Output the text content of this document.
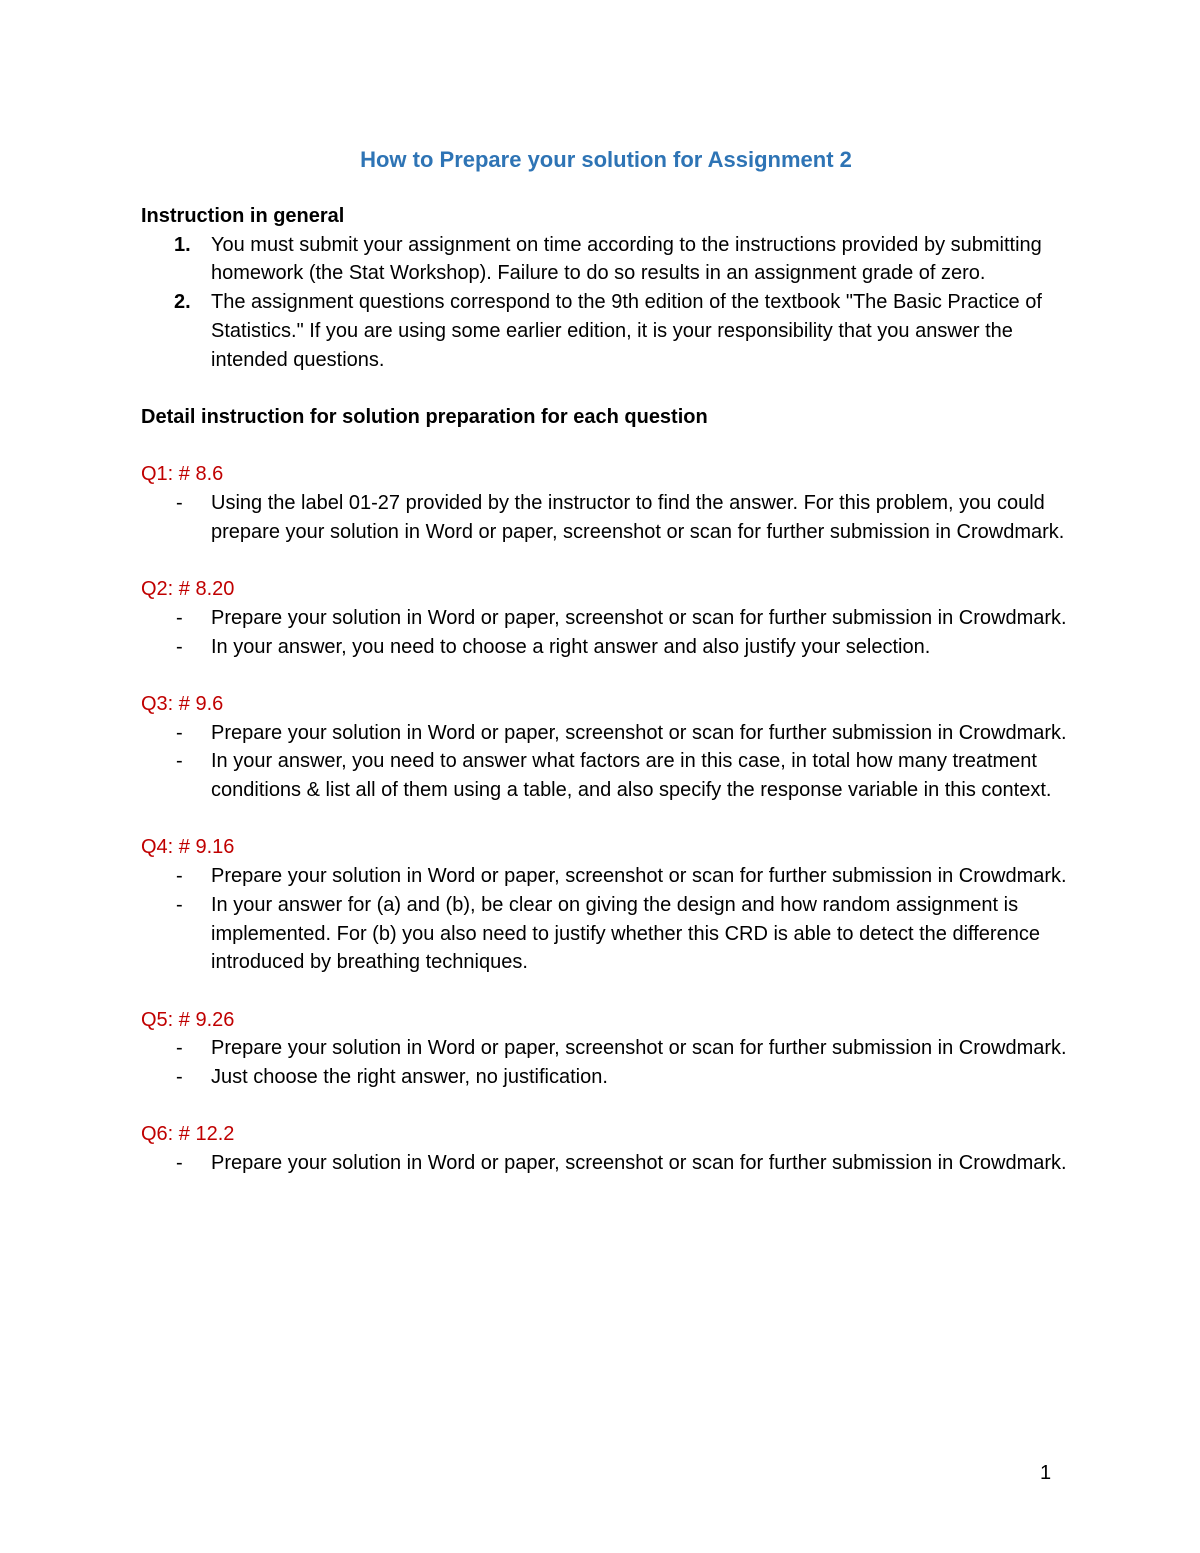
How to Prepare your solution for Assignment 2

Instruction in general

1. You must submit your assignment on time according to the instructions provided by submitting homework (the Stat Workshop). Failure to do so results in an assignment grade of zero.
2. The assignment questions correspond to the 9th edition of the textbook "The Basic Practice of Statistics." If you are using some earlier edition, it is your responsibility that you answer the intended questions.

Detail instruction for solution preparation for each question

Q1: # 8.6

- Using the label 01-27 provided by the instructor to find the answer. For this problem, you could prepare your solution in Word or paper, screenshot or scan for further submission in Crowdmark.

Q2: # 8.20

- Prepare your solution in Word or paper, screenshot or scan for further submission in Crowdmark.
- In your answer, you need to choose a right answer and also justify your selection.

Q3: # 9.6

- Prepare your solution in Word or paper, screenshot or scan for further submission in Crowdmark.
- In your answer, you need to answer what factors are in this case, in total how many treatment conditions & list all of them using a table, and also specify the response variable in this context.

Q4: # 9.16

- Prepare your solution in Word or paper, screenshot or scan for further submission in Crowdmark.
- In your answer for (a) and (b), be clear on giving the design and how random assignment is implemented. For (b) you also need to justify whether this CRD is able to detect the difference introduced by breathing techniques.

Q5: # 9.26

- Prepare your solution in Word or paper, screenshot or scan for further submission in Crowdmark.
- Just choose the right answer, no justification.

Q6: # 12.2

- Prepare your solution in Word or paper, screenshot or scan for further submission in Crowdmark.
1
